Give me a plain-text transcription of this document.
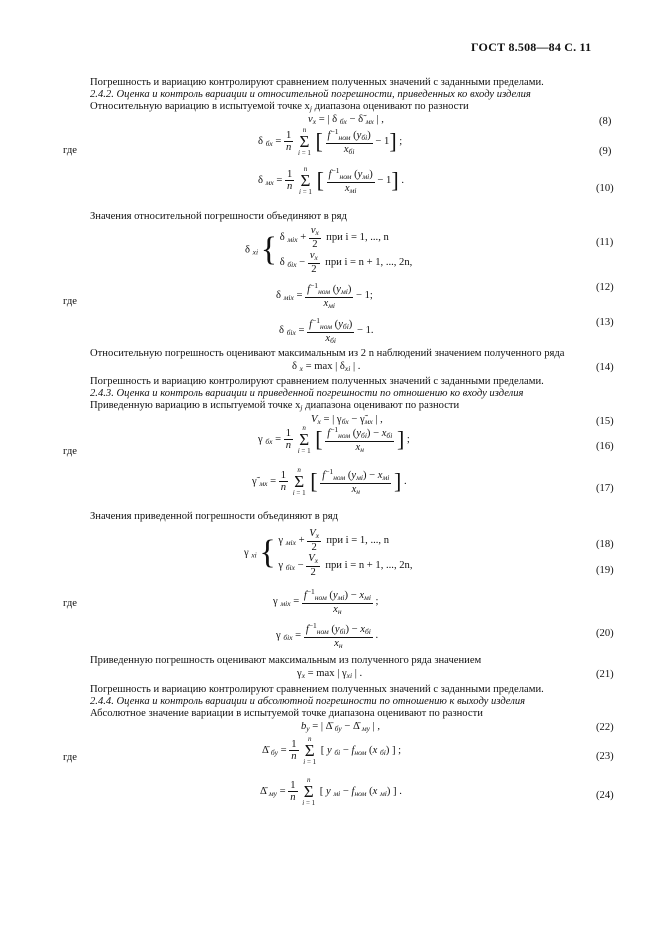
ГОСТ 8.508—84 С. 11
Погрешность и вариацию контролируют сравнением полученных значений с заданными пределами.
2.4.2. Оценка и контроль вариации и относительной погрешности, приведенных ко входу изделия
Относительную вариацию в испытуемой точке $x_j$ диапазона оценивают по разности
$v_x$ = | δ $_{бx}$ − δ̃ $_{мx}$ | ,	(8)
где
δ $_{бx} = \frac{1}{n}$
n
Σ
i = 1 [ $f^{-1}_{ном}$ $(y_{бi})$
$x_{бi}$
− 1] ;
(9)
δ $_{мx} = \frac{1}{n}$
n
Σ
i = 1 [ $f^{-1}_{ном}$ $(y_{мi})$
$x_{мi}$
− 1] .
(10)
Значения относительной погрешности объединяют в ряд
δ $_{xi}$ { δ $_{мix} + \frac{v_x}{2}$ при i = 1, ..., n
δ $_{бix} - \frac{v_x}{2}$ при i = n + 1, ..., 2n,
(11)
где
δ $_{мix}$ =
$f^{-1}_{ном}$ $(y_{мi})$
$x_{мi}$
− 1;
(12)
δ $_{бix}$ =
$f^{-1}_{ном}$ $(y_{бi})$
$x_{бi}$
− 1.
(13)
Относительную погрешность оценивают максимальным из 2 n наблюдений значением полученного ряда
δ $_x$ = max | $\delta_{xi}$ | .	(14)
Погрешность и вариацию контролируют сравнением полученных значений с заданными пределами.
2.4.3. Оценка и контроль вариации и приведенной погрешности по отношению ко входу изделия
Приведенную вариацию в испытуемой точке $x_j$ диапазона оценивают по разности
$V_x$ = | $\gamma_{бx}$ − $\gammã_{мx}$ | ,	(15)
где
γ $_{бx} = \frac{1}{n}$
n
Σ
i = 1 [ $f^{-1}_{ном}$ $(y_{бi}) - x_{бi}$
$x_н$ ] ;
(16)
γ̃ $_{мx} = \frac{1}{n}$
n
Σ
i = 1 [ $f^{-1}_{ном}$ $(y_{мi}) - x_{мi}$
$x_н$ ] .
(17)
Значения приведенной погрешности объединяют в ряд
γ $_{xi}$ { γ $_{мix} + \frac{V_x}{2}$ при i = 1, ..., n
γ $_{бix} - \frac{V_x}{2}$ при i = n + 1, ..., 2n,
(18)
(19)
где	γ $_{мix}$ =
$f^{-1}_{ном}$ $(y_{мi}) - x_{мi}$
$x_н$
;
γ $_{бix}$ =
$f^{-1}_{ном}$ $(y_{бi}) - x_{бi}$
$x_н$
.	(20)
Приведенную погрешность оценивают максимальным из полученного ряда значением
$\gamma_x = \max$ | $\gamma_{xi}$ | .	(21)
Погрешность и вариацию контролируют сравнением полученных значений с заданными пределами.
2.4.4. Оценка и контроль вариации и абсолютной погрешности по отношению к выходу изделия
Абсолютное значение вариации в испытуемой точке диапазона оценивают по разности
$b_y$ = | Δ̄ $_{бy}$ − Δ̄ $_{мy}$ | ,	(22)
где
Δ̄ $_{бy} = \frac{1}{n}$
n
Σ
i = 1
[ y $_{бi} - f_{ном}$ (x $_{бi}$) ] ;
(23)
Δ̄ $_{мy} = \frac{1}{n}$
n
Σ
i = 1
[ y $_{мi} - f_{ном}$ (x $_{мi}$) ] .	(24)
